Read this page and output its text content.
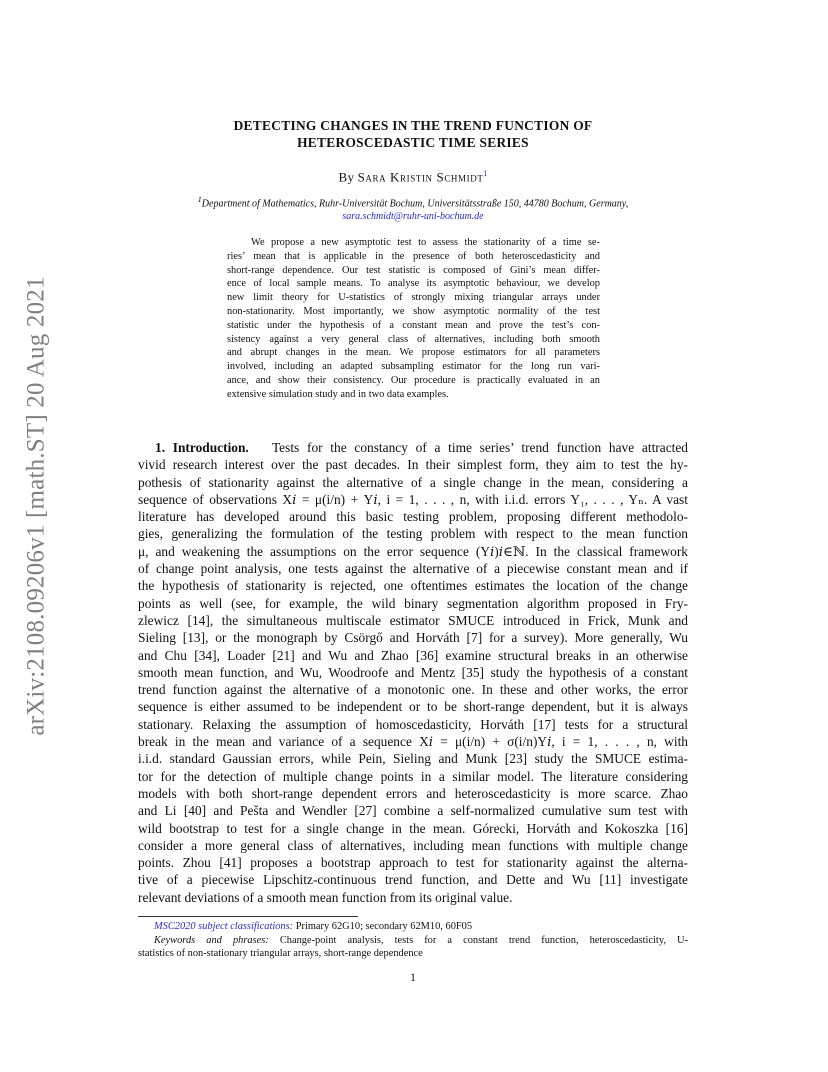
arXiv:2108.09206v1 [math.ST] 20 Aug 2021
DETECTING CHANGES IN THE TREND FUNCTION OF
HETEROSCEDASTIC TIME SERIES
By Sara Kristin Schmidt$^1$
$^1$Department of Mathematics, Ruhr-Universität Bochum, Universitätsstraße 150, 44780 Bochum, Germany,
sara.schmidt@ruhr-uni-bochum.de
We propose a new asymptotic test to assess the stationarity of a time se-
ries’ mean that is applicable in the presence of both heteroscedasticity and
short-range dependence. Our test statistic is composed of Gini’s mean differ-
ence of local sample means. To analyse its asymptotic behaviour, we develop
new limit theory for U-statistics of strongly mixing triangular arrays under
non-stationarity. Most importantly, we show asymptotic normality of the test
statistic under the hypothesis of a constant mean and prove the test’s con-
sistency against a very general class of alternatives, including both smooth
and abrupt changes in the mean. We propose estimators for all parameters
involved, including an adapted subsampling estimator for the long run vari-
ance, and show their consistency. Our procedure is practically evaluated in an
extensive simulation study and in two data examples.
1. Introduction. Tests for the constancy of a time series’ trend function have attracted
vivid research interest over the past decades. In their simplest form, they aim to test the hy-
pothesis of stationarity against the alternative of a single change in the mean, considering a
sequence of observations X𝑖 = μ(i/n) + Y𝑖, i = 1, . . . , n, with i.i.d. errors Y₁, . . . , Yₙ. A vast
literature has developed around this basic testing problem, proposing different methodolo-
gies, generalizing the formulation of the testing problem with respect to the mean function
μ, and weakening the assumptions on the error sequence (Y𝑖)𝑖∈ℕ. In the classical framework
of change point analysis, one tests against the alternative of a piecewise constant mean and if
the hypothesis of stationarity is rejected, one oftentimes estimates the location of the change
points as well (see, for example, the wild binary segmentation algorithm proposed in Fry-
zlewicz [14], the simultaneous multiscale estimator SMUCE introduced in Frick, Munk and
Sieling [13], or the monograph by Csörgő and Horváth [7] for a survey). More generally, Wu
and Chu [34], Loader [21] and Wu and Zhao [36] examine structural breaks in an otherwise
smooth mean function, and Wu, Woodroofe and Mentz [35] study the hypothesis of a constant
trend function against the alternative of a monotonic one. In these and other works, the error
sequence is either assumed to be independent or to be short-range dependent, but it is always
stationary. Relaxing the assumption of homoscedasticity, Horváth [17] tests for a structural
break in the mean and variance of a sequence X𝑖 = μ(i/n) + σ(i/n)Y𝑖, i = 1, . . . , n, with
i.i.d. standard Gaussian errors, while Pein, Sieling and Munk [23] study the SMUCE estima-
tor for the detection of multiple change points in a similar model. The literature considering
models with both short-range dependent errors and heteroscedasticity is more scarce. Zhao
and Li [40] and Pešta and Wendler [27] combine a self-normalized cumulative sum test with
wild bootstrap to test for a single change in the mean. Górecki, Horváth and Kokoszka [16]
consider a more general class of alternatives, including mean functions with multiple change
points. Zhou [41] proposes a bootstrap approach to test for stationarity against the alterna-
tive of a piecewise Lipschitz-continuous trend function, and Dette and Wu [11] investigate
relevant deviations of a smooth mean function from its original value.
MSC2020 subject classifications: Primary 62G10; secondary 62M10, 60F05
Keywords and phrases: Change-point analysis, tests for a constant trend function, heteroscedasticity, U-
statistics of non-stationary triangular arrays, short-range dependence
1
